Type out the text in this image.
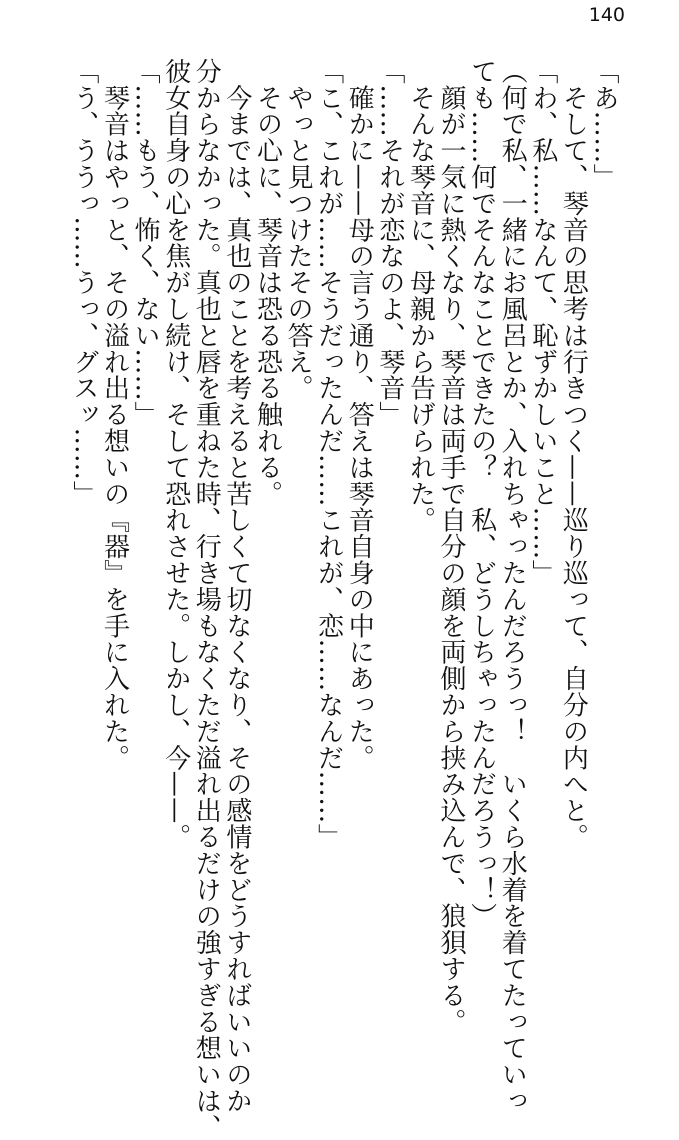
140
「あ……」
　そして、琴音の思考は行きつく——巡り巡って、自分の内へと。
「わ、私……なんて、恥ずかしいこと……」
（何で私、一緒にお風呂とか、入れちゃったんだろうっ！　いくら水着を着てたっていっ
ても……何でそんなことできたの？　私、どうしちゃったんだろうっ！）
　顔が一気に熱くなり、琴音は両手で自分の顔を両側から挟み込んで、狼狽する。
　そんな琴音に、母親から告げられた。
「……それが恋なのよ、琴音」
　確かに——母の言う通り、答えは琴音自身の中にあった。
「こ、これが……そうだったんだ……これが、恋……なんだ……」
　やっと見つけたその答え。
　その心に、琴音は恐る恐る触れる。
　今までは、真也のことを考えると苦しくて切なくなり、その感情をどうすればいいのか
分からなかった。真也と唇を重ねた時、行き場もなくただ溢れ出るだけの強すぎる想いは、
彼女自身の心を焦がし続け、そして恐れさせた。しかし、今——。
「……もう、怖く、ない……」
　琴音はやっと、その溢れ出る想いの『器』を手に入れた。
「う、ううっ……うっ、グスッ……」
